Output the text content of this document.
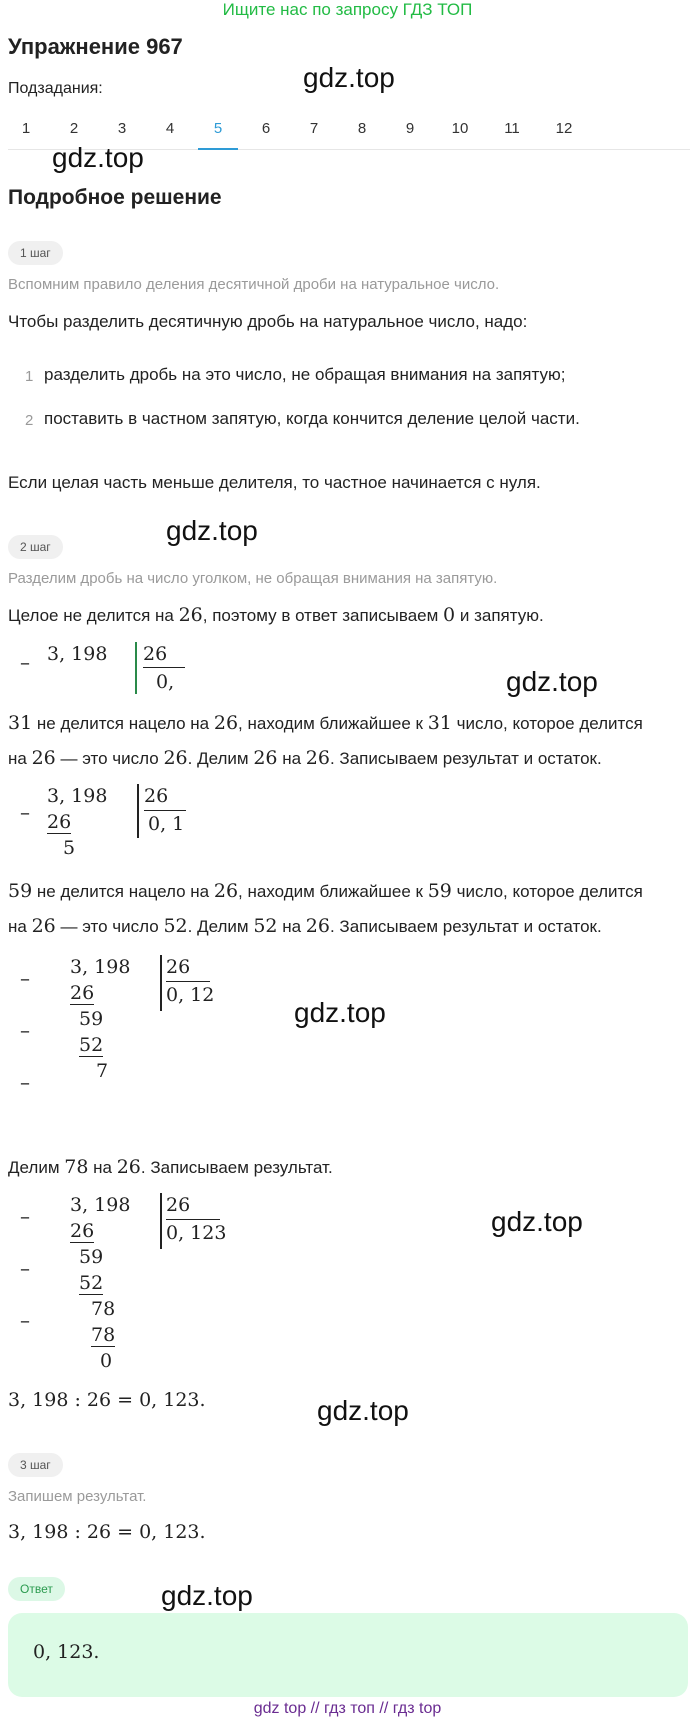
Ищите нас по запросу ГДЗ ТОП
Упражнение 967
Подзадания:	gdz.top
1	2	3	4	5	6	7	8	9	10	11	12
gdz.top
Подробное решение
1 шаг
Вспомним правило деления десятичной дроби на натуральное число.
Чтобы разделить десятичную дробь на натуральное число, надо:
1 разделить дробь на это число, не обращая внимания на запятую;
2 поставить в частном запятую, когда кончится деление целой части.
Если целая часть меньше делителя, то частное начинается с нуля.
2 шаг
gdz.top
Разделим дробь на число уголком, не обращая внимания на запятую.
Целое не делится на 26, поэтому в ответ записываем 0 и запятую.
– 3, 198 26
0,	gdz.top
31 не делится нацело на 26, находим ближайшее к 31 число, которое делится
на 26 — это число 26. Делим 26 на 26. Записываем результат и остаток.
–
3, 198
26
5
26
0, 1
59 не делится нацело на 26, находим ближайшее к 59 число, которое делится
на 26 — это число 52. Делим 52 на 26. Записываем результат и остаток.
–
–
–
3, 198
26
59
52
7
26
0, 12
gdz.top
Делим 78 на 26. Записываем результат.
–
–
–
3, 198
26
59
52
78
78
0
26
0, 123	gdz.top
3, 198 : 26 = 0, 123.	gdz.top
3 шаг
Запишем результат.
3, 198 : 26 = 0, 123.
Ответ	gdz.top
0, 123.
gdz top // гдз топ // гдз top
